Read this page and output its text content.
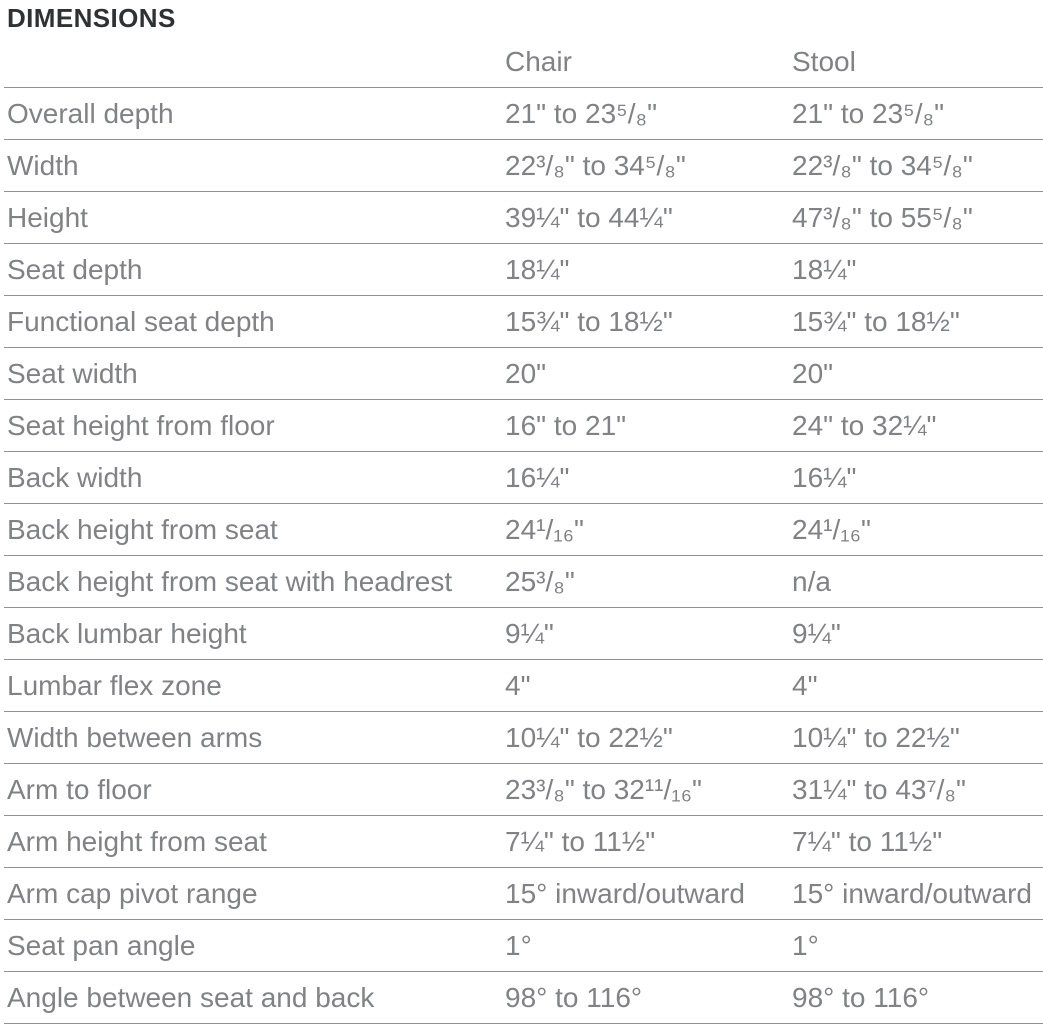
DIMENSIONS
	Chair	Stool
Overall depth	21" to 23⁵/₈"	21" to 23⁵/₈"
Width	22³/₈" to 34⁵/₈"	22³/₈" to 34⁵/₈"
Height	39¼" to 44¼"	47³/₈" to 55⁵/₈"
Seat depth	18¼"	18¼"
Functional seat depth	15¾" to 18½"	15¾" to 18½"
Seat width	20"	20"
Seat height from floor	16" to 21"	24" to 32¼"
Back width	16¼"	16¼"
Back height from seat	24¹/₁₆"	24¹/₁₆"
Back height from seat with headrest	25³/₈"	n/a
Back lumbar height	9¼"	9¼"
Lumbar flex zone	4"	4"
Width between arms	10¼" to 22½"	10¼" to 22½"
Arm to floor	23³/₈" to 32¹¹/₁₆"	31¼" to 43⁷/₈"
Arm height from seat	7¼" to 11½"	7¼" to 11½"
Arm cap pivot range	15° inward/outward	15° inward/outward
Seat pan angle	1°	1°
Angle between seat and back	98° to 116°	98° to 116°
